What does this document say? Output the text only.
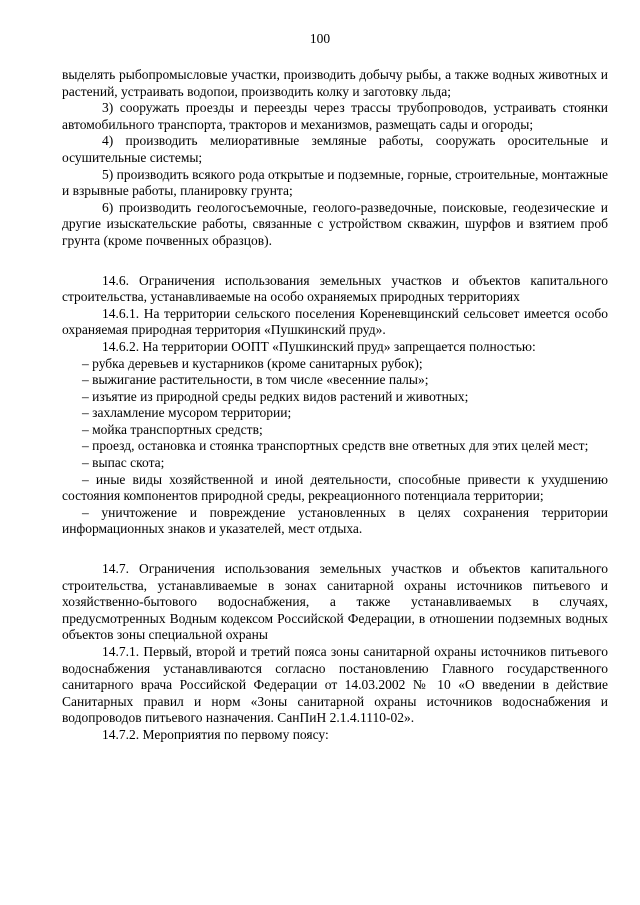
100

выделять рыбопромысловые участки, производить добычу рыбы, а также водных животных и растений, устраивать водопои, производить колку и заготовку льда;

3) сооружать проезды и переезды через трассы трубопроводов, устраивать стоянки автомобильного транспорта, тракторов и механизмов, размещать сады и огороды;

4) производить мелиоративные земляные работы, сооружать оросительные и осушительные системы;

5) производить всякого рода открытые и подземные, горные, строительные, монтажные и взрывные работы, планировку грунта;

6) производить геологосъемочные, геолого-разведочные, поисковые, геодезические и другие изыскательские работы, связанные с устройством скважин, шурфов и взятием проб грунта (кроме почвенных образцов).

14.6. Ограничения использования земельных участков и объектов капитального строительства, устанавливаемые на особо охраняемых природных территориях

14.6.1. На территории сельского поселения Кореневщинский сельсовет имеется особо охраняемая природная территория «Пушкинский пруд».

14.6.2. На территории ООПТ «Пушкинский пруд» запрещается полностью:

– рубка деревьев и кустарников (кроме санитарных рубок);

– выжигание растительности, в том числе «весенние палы»;

– изъятие из природной среды редких видов растений и животных;

– захламление мусором территории;

– мойка транспортных средств;

– проезд, остановка и стоянка транспортных средств вне ответных для этих целей мест;

– выпас скота;

– иные виды хозяйственной и иной деятельности, способные привести к ухудшению состояния компонентов природной среды, рекреационного потенциала территории;

– уничтожение и повреждение установленных в целях сохранения территории информационных знаков и указателей, мест отдыха.

14.7. Ограничения использования земельных участков и объектов капитального строительства, устанавливаемые в зонах санитарной охраны источников питьевого и хозяйственно-бытового водоснабжения, а также устанавливаемых в случаях, предусмотренных Водным кодексом Российской Федерации, в отношении подземных водных объектов зоны специальной охраны

14.7.1. Первый, второй и третий пояса зоны санитарной охраны источников питьевого водоснабжения устанавливаются согласно постановлению Главного государственного санитарного врача Российской Федерации от 14.03.2002 № 10 «О введении в действие Санитарных правил и норм «Зоны санитарной охраны источников водоснабжения и водопроводов питьевого назначения. СанПиН 2.1.4.1110-02».

14.7.2. Мероприятия по первому поясу:
